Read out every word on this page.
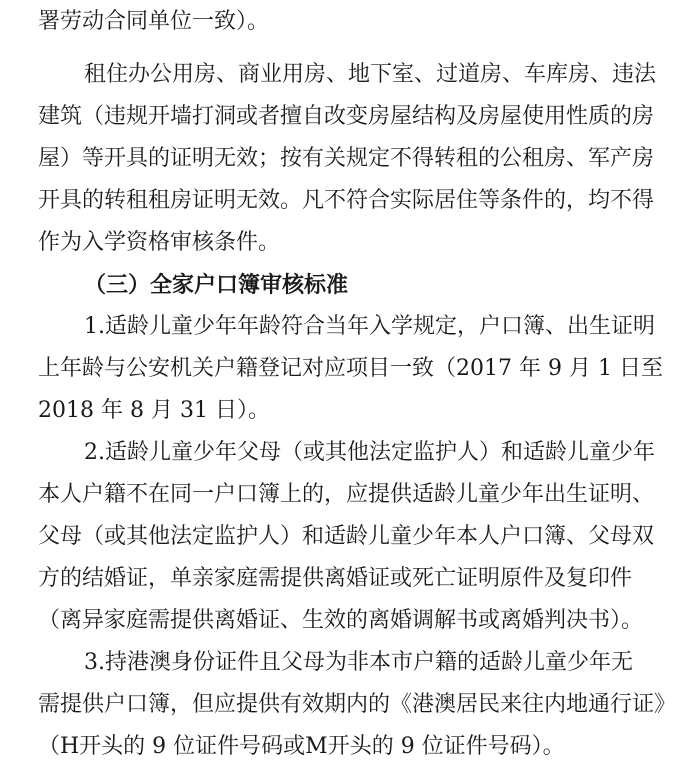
署劳动合同单位一致）。
租住办公用房、商业用房、地下室、过道房、车库房、违法
建筑（违规开墙打洞或者擅自改变房屋结构及房屋使用性质的房
屋）等开具的证明无效；按有关规定不得转租的公租房、军产房
开具的转租租房证明无效。凡不符合实际居住等条件的，均不得
作为入学资格审核条件。
（三）全家户口簿审核标准
1.适龄儿童少年年龄符合当年入学规定，户口簿、出生证明
上年龄与公安机关户籍登记对应项目一致（2017 年 9 月 1 日至
2018 年 8 月 31 日）。
2.适龄儿童少年父母（或其他法定监护人）和适龄儿童少年
本人户籍不在同一户口簿上的，应提供适龄儿童少年出生证明、
父母（或其他法定监护人）和适龄儿童少年本人户口簿、父母双
方的结婚证，单亲家庭需提供离婚证或死亡证明原件及复印件
（离异家庭需提供离婚证、生效的离婚调解书或离婚判决书）。
3.持港澳身份证件且父母为非本市户籍的适龄儿童少年无
需提供户口簿，但应提供有效期内的《港澳居民来往内地通行证》
（H开头的 9 位证件号码或M开头的 9 位证件号码）。
